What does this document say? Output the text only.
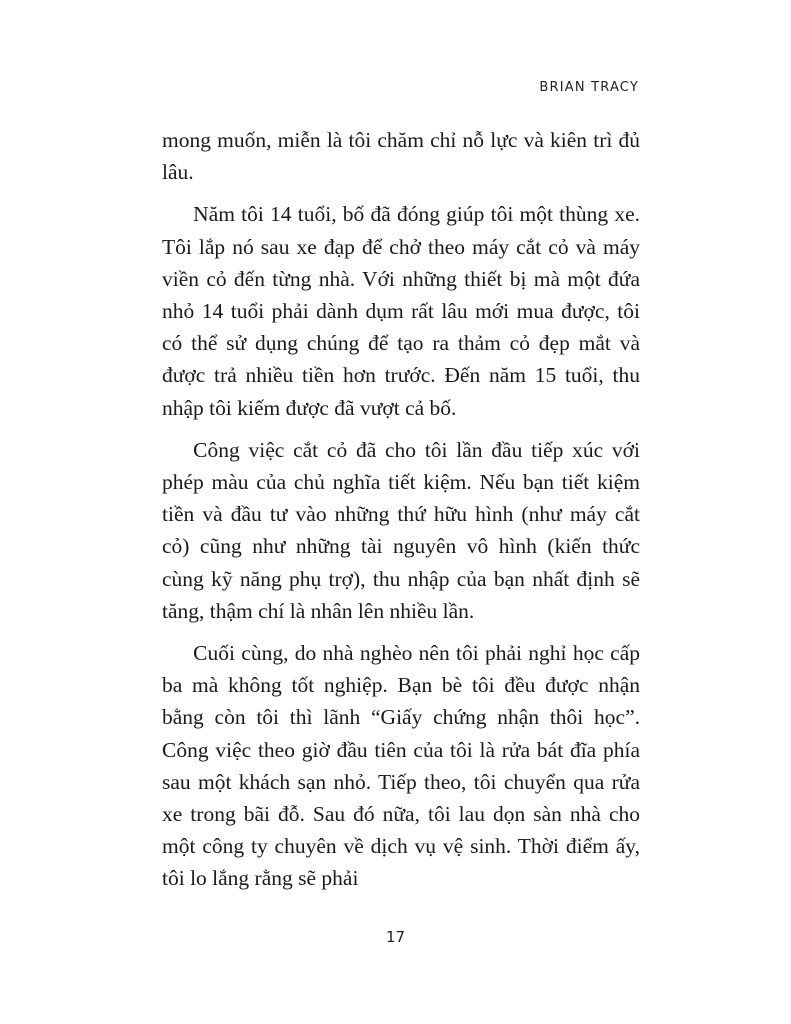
BRIAN TRACY

mong muốn, miễn là tôi chăm chỉ nỗ lực và kiên trì đủ lâu.

Năm tôi 14 tuổi, bố đã đóng giúp tôi một thùng xe. Tôi lắp nó sau xe đạp để chở theo máy cắt cỏ và máy viền cỏ đến từng nhà. Với những thiết bị mà một đứa nhỏ 14 tuổi phải dành dụm rất lâu mới mua được, tôi có thể sử dụng chúng để tạo ra thảm cỏ đẹp mắt và được trả nhiều tiền hơn trước. Đến năm 15 tuổi, thu nhập tôi kiếm được đã vượt cả bố.

Công việc cắt cỏ đã cho tôi lần đầu tiếp xúc với phép màu của chủ nghĩa tiết kiệm. Nếu bạn tiết kiệm tiền và đầu tư vào những thứ hữu hình (như máy cắt cỏ) cũng như những tài nguyên vô hình (kiến thức cùng kỹ năng phụ trợ), thu nhập của bạn nhất định sẽ tăng, thậm chí là nhân lên nhiều lần.

Cuối cùng, do nhà nghèo nên tôi phải nghỉ học cấp ba mà không tốt nghiệp. Bạn bè tôi đều được nhận bằng còn tôi thì lãnh “Giấy chứng nhận thôi học”. Công việc theo giờ đầu tiên của tôi là rửa bát đĩa phía sau một khách sạn nhỏ. Tiếp theo, tôi chuyển qua rửa xe trong bãi đỗ. Sau đó nữa, tôi lau dọn sàn nhà cho một công ty chuyên về dịch vụ vệ sinh. Thời điểm ấy, tôi lo lắng rằng sẽ phải

17
